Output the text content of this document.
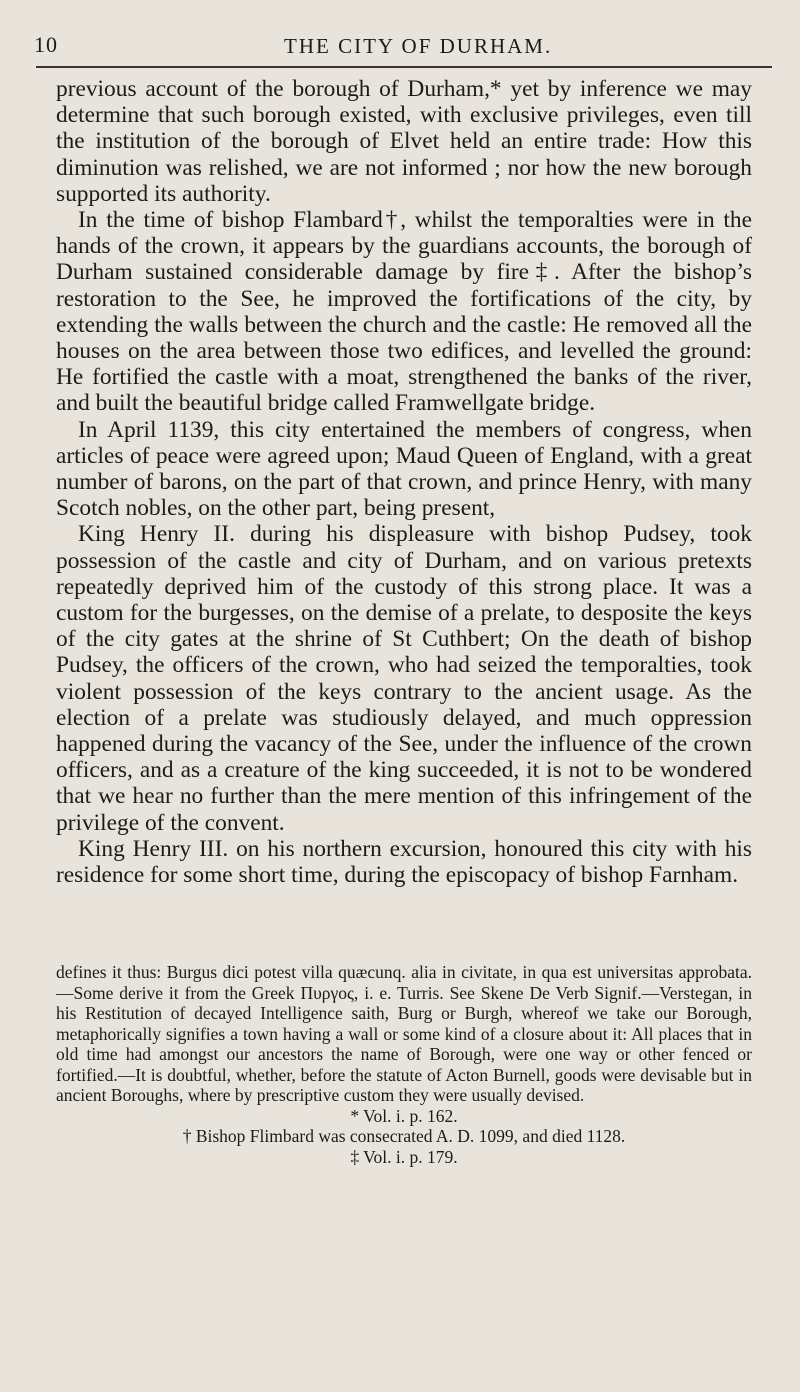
10	THE CITY OF DURHAM.

previous account of the borough of Durham,* yet by inference we may determine that such borough existed, with exclusive privileges, even till the institution of the borough of Elvet held an entire trade: How this diminution was relished, we are not informed ; nor how the new borough supported its authority.

In the time of bishop Flambard†, whilst the temporalties were in the hands of the crown, it appears by the guardians accounts, the borough of Durham sustained considerable damage by fire‡. After the bishop’s restoration to the See, he improved the fortifications of the city, by extending the walls between the church and the castle: He removed all the houses on the area between those two edifices, and levelled the ground: He fortified the castle with a moat, strengthened the banks of the river, and built the beautiful bridge called Framwellgate bridge.

In April 1139, this city entertained the members of congress, when articles of peace were agreed upon; Maud Queen of England, with a great number of barons, on the part of that crown, and prince Henry, with many Scotch nobles, on the other part, being present,

King Henry II. during his displeasure with bishop Pudsey, took possession of the castle and city of Durham, and on various pretexts repeatedly deprived him of the custody of this strong place. It was a custom for the burgesses, on the demise of a prelate, to desposite the keys of the city gates at the shrine of St Cuthbert; On the death of bishop Pudsey, the officers of the crown, who had seized the temporalties, took violent possession of the keys contrary to the ancient usage. As the election of a prelate was studiously delayed, and much oppression happened during the vacancy of the See, under the influence of the crown officers, and as a creature of the king succeeded, it is not to be wondered that we hear no further than the mere mention of this infringement of the privilege of the convent.

King Henry III. on his northern excursion, honoured this city with his residence for some short time, during the episcopacy of bishop Farnham.

defines it thus: Burgus dici potest villa quæcunq. alia in civitate, in qua est universitas approbata.—Some derive it from the Greek Πυργος, i. e. Turris. See Skene De Verb Signif.—Verstegan, in his Restitution of decayed Intelligence saith, Burg or Burgh, whereof we take our Borough, metaphorically signifies a town having a wall or some kind of a closure about it: All places that in old time had amongst our ancestors the name of Borough, were one way or other fenced or fortified.—It is doubtful, whether, before the statute of Acton Burnell, goods were devisable but in ancient Boroughs, where by prescriptive custom they were usually devised.

* Vol. i. p. 162.

† Bishop Flimbard was consecrated A. D. 1099, and died 1128.

‡ Vol. i. p. 179.
